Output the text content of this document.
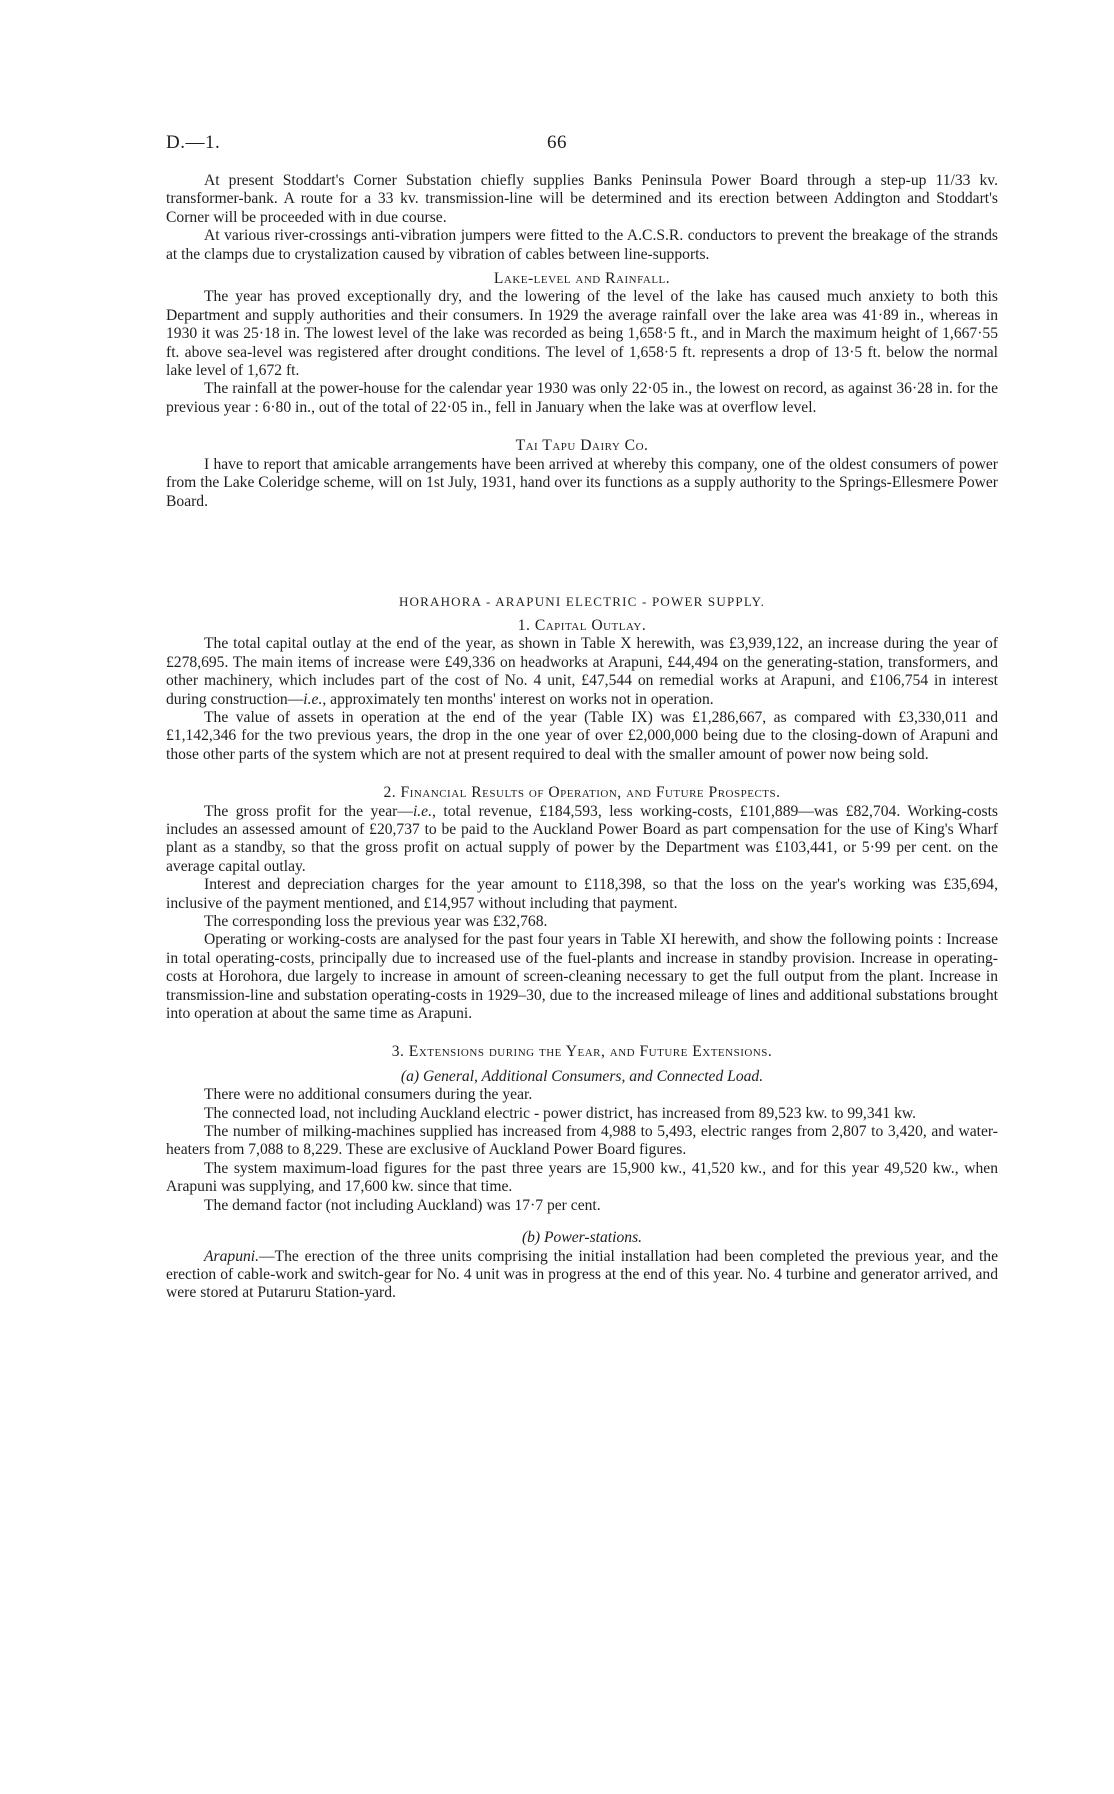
D.—1.	66

At present Stoddart's Corner Substation chiefly supplies Banks Peninsula Power Board through a step-up 11/33 kv. transformer-bank. A route for a 33 kv. transmission-line will be determined and its erection between Addington and Stoddart's Corner will be proceeded with in due course.

At various river-crossings anti-vibration jumpers were fitted to the A.C.S.R. conductors to prevent the breakage of the strands at the clamps due to crystalization caused by vibration of cables between line-supports.

Lake-level and Rainfall.

The year has proved exceptionally dry, and the lowering of the level of the lake has caused much anxiety to both this Department and supply authorities and their consumers. In 1929 the average rainfall over the lake area was 41·89 in., whereas in 1930 it was 25·18 in. The lowest level of the lake was recorded as being 1,658·5 ft., and in March the maximum height of 1,667·55 ft. above sea-level was registered after drought conditions. The level of 1,658·5 ft. represents a drop of 13·5 ft. below the normal lake level of 1,672 ft.

The rainfall at the power-house for the calendar year 1930 was only 22·05 in., the lowest on record, as against 36·28 in. for the previous year : 6·80 in., out of the total of 22·05 in., fell in January when the lake was at overflow level.

Tai Tapu Dairy Co.

I have to report that amicable arrangements have been arrived at whereby this company, one of the oldest consumers of power from the Lake Coleridge scheme, will on 1st July, 1931, hand over its functions as a supply authority to the Springs-Ellesmere Power Board.

HORAHORA - ARAPUNI ELECTRIC - POWER SUPPLY.
1. Capital Outlay.

The total capital outlay at the end of the year, as shown in Table X herewith, was £3,939,122, an increase during the year of £278,695. The main items of increase were £49,336 on headworks at Arapuni, £44,494 on the generating-station, transformers, and other machinery, which includes part of the cost of No. 4 unit, £47,544 on remedial works at Arapuni, and £106,754 in interest during construction—i.e., approximately ten months' interest on works not in operation.

The value of assets in operation at the end of the year (Table IX) was £1,286,667, as compared with £3,330,011 and £1,142,346 for the two previous years, the drop in the one year of over £2,000,000 being due to the closing-down of Arapuni and those other parts of the system which are not at present required to deal with the smaller amount of power now being sold.

2. Financial Results of Operation, and Future Prospects.

The gross profit for the year—i.e., total revenue, £184,593, less working-costs, £101,889—was £82,704. Working-costs includes an assessed amount of £20,737 to be paid to the Auckland Power Board as part compensation for the use of King's Wharf plant as a standby, so that the gross profit on actual supply of power by the Department was £103,441, or 5·99 per cent. on the average capital outlay.

Interest and depreciation charges for the year amount to £118,398, so that the loss on the year's working was £35,694, inclusive of the payment mentioned, and £14,957 without including that payment.

The corresponding loss the previous year was £32,768.

Operating or working-costs are analysed for the past four years in Table XI herewith, and show the following points : Increase in total operating-costs, principally due to increased use of the fuel-plants and increase in standby provision. Increase in operating-costs at Horohora, due largely to increase in amount of screen-cleaning necessary to get the full output from the plant. Increase in transmission-line and substation operating-costs in 1929–30, due to the increased mileage of lines and additional substations brought into operation at about the same time as Arapuni.

3. Extensions during the Year, and Future Extensions.
(a) General, Additional Consumers, and Connected Load.

There were no additional consumers during the year.

The connected load, not including Auckland electric - power district, has increased from 89,523 kw. to 99,341 kw.

The number of milking-machines supplied has increased from 4,988 to 5,493, electric ranges from 2,807 to 3,420, and water-heaters from 7,088 to 8,229. These are exclusive of Auckland Power Board figures.

The system maximum-load figures for the past three years are 15,900 kw., 41,520 kw., and for this year 49,520 kw., when Arapuni was supplying, and 17,600 kw. since that time.

The demand factor (not including Auckland) was 17·7 per cent.

(b) Power-stations.

Arapuni.—The erection of the three units comprising the initial installation had been completed the previous year, and the erection of cable-work and switch-gear for No. 4 unit was in progress at the end of this year. No. 4 turbine and generator arrived, and were stored at Putaruru Station-yard.
